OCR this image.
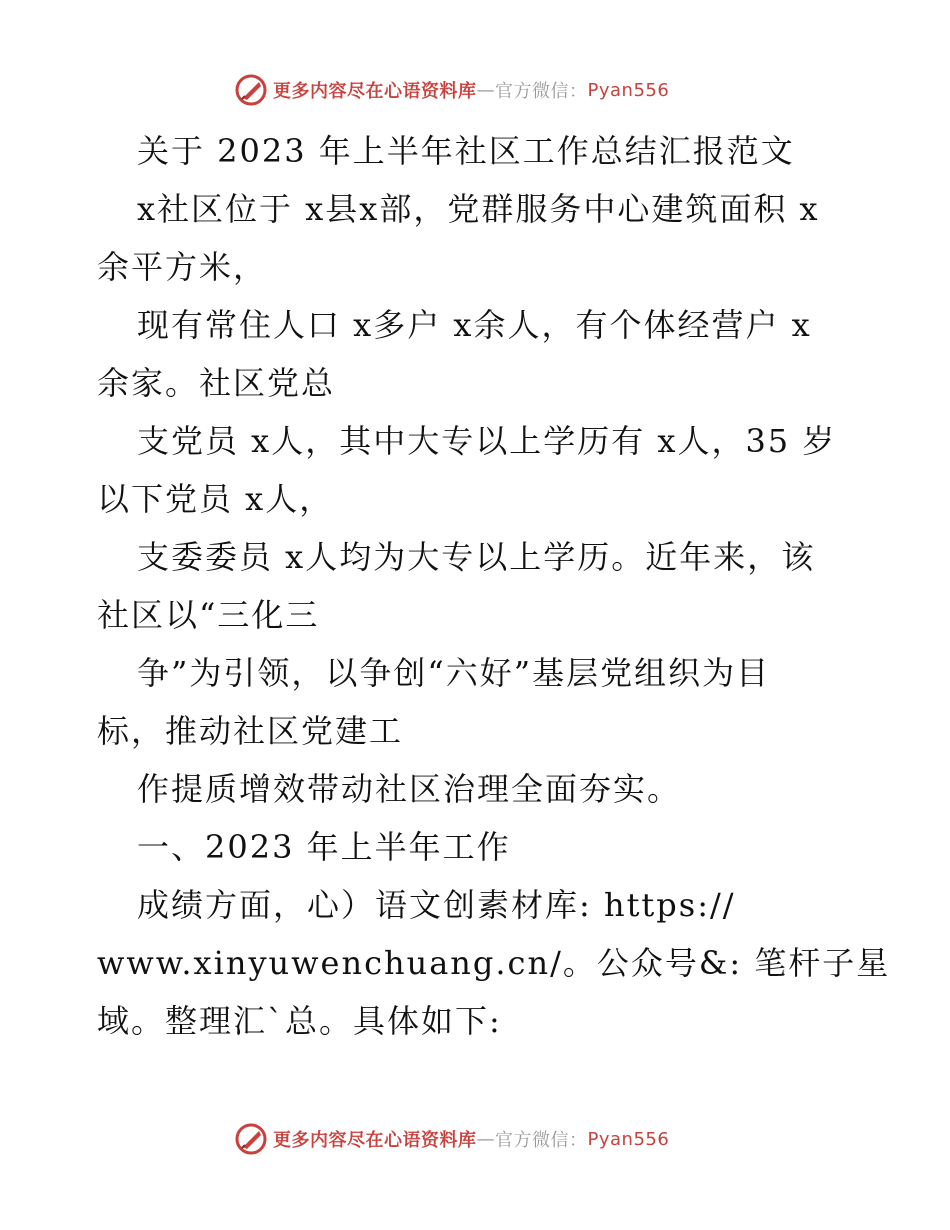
更多内容尽在心语资料库 — 官方微信： Pyan556
关于 2023 年上半年社区工作总结汇报范文
x社区位于 x县x部，党群服务中心建筑面积 x
余平方米，
现有常住人口 x多户 x余人，有个体经营户 x
余家。社区党总
支党员 x人，其中大专以上学历有 x人，35 岁
以下党员 x人，
支委委员 x人均为大专以上学历。近年来，该
社区以“三化三
争”为引领，以争创“六好”基层党组织为目
标，推动社区党建工
作提质增效带动社区治理全面夯实。
一、2023 年上半年工作
成绩方面，心）语文创素材库: https://
www.xinyuwenchuang.cn/。公众号&: 笔杆子星
域。整理汇`总。具体如下:
更多内容尽在心语资料库 — 官方微信： Pyan556
